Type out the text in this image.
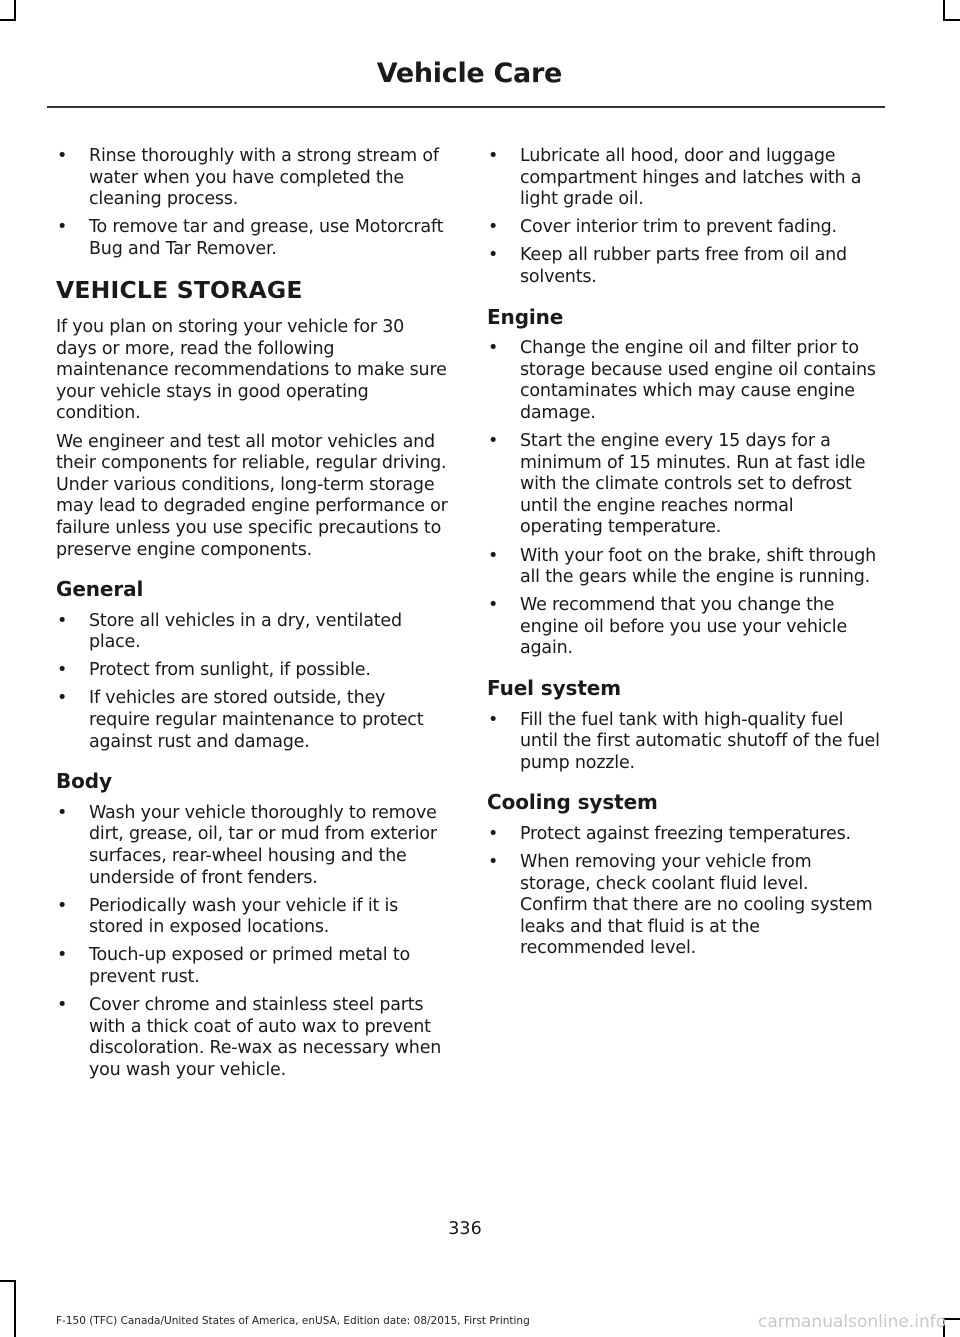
Vehicle Care
• Rinse thoroughly with a strong stream of water when you have completed the cleaning process.
• To remove tar and grease, use Motorcraft Bug and Tar Remover.
VEHICLE STORAGE

If you plan on storing your vehicle for 30 days or more, read the following maintenance recommendations to make sure your vehicle stays in good operating condition.

We engineer and test all motor vehicles and their components for reliable, regular driving. Under various conditions, long-term storage may lead to degraded engine performance or failure unless you use specific precautions to preserve engine components.

General
• Store all vehicles in a dry, ventilated place.
• Protect from sunlight, if possible.
• If vehicles are stored outside, they require regular maintenance to protect against rust and damage.
Body
• Wash your vehicle thoroughly to remove dirt, grease, oil, tar or mud from exterior surfaces, rear-wheel housing and the underside of front fenders.
• Periodically wash your vehicle if it is stored in exposed locations.
• Touch-up exposed or primed metal to prevent rust.
• Cover chrome and stainless steel parts with a thick coat of auto wax to prevent discoloration. Re-wax as necessary when you wash your vehicle.
• Lubricate all hood, door and luggage compartment hinges and latches with a light grade oil.
• Cover interior trim to prevent fading.
• Keep all rubber parts free from oil and solvents.
Engine
• Change the engine oil and filter prior to storage because used engine oil contains contaminates which may cause engine damage.
• Start the engine every 15 days for a minimum of 15 minutes. Run at fast idle with the climate controls set to defrost until the engine reaches normal operating temperature.
• With your foot on the brake, shift through all the gears while the engine is running.
• We recommend that you change the engine oil before you use your vehicle again.
Fuel system
• Fill the fuel tank with high-quality fuel until the first automatic shutoff of the fuel pump nozzle.
Cooling system
• Protect against freezing temperatures.
• When removing your vehicle from storage, check coolant fluid level. Confirm that there are no cooling system leaks and that fluid is at the recommended level.
336
F-150 (TFC) Canada/United States of America, enUSA, Edition date: 08/2015, First Printing	carmanualsonline.info
